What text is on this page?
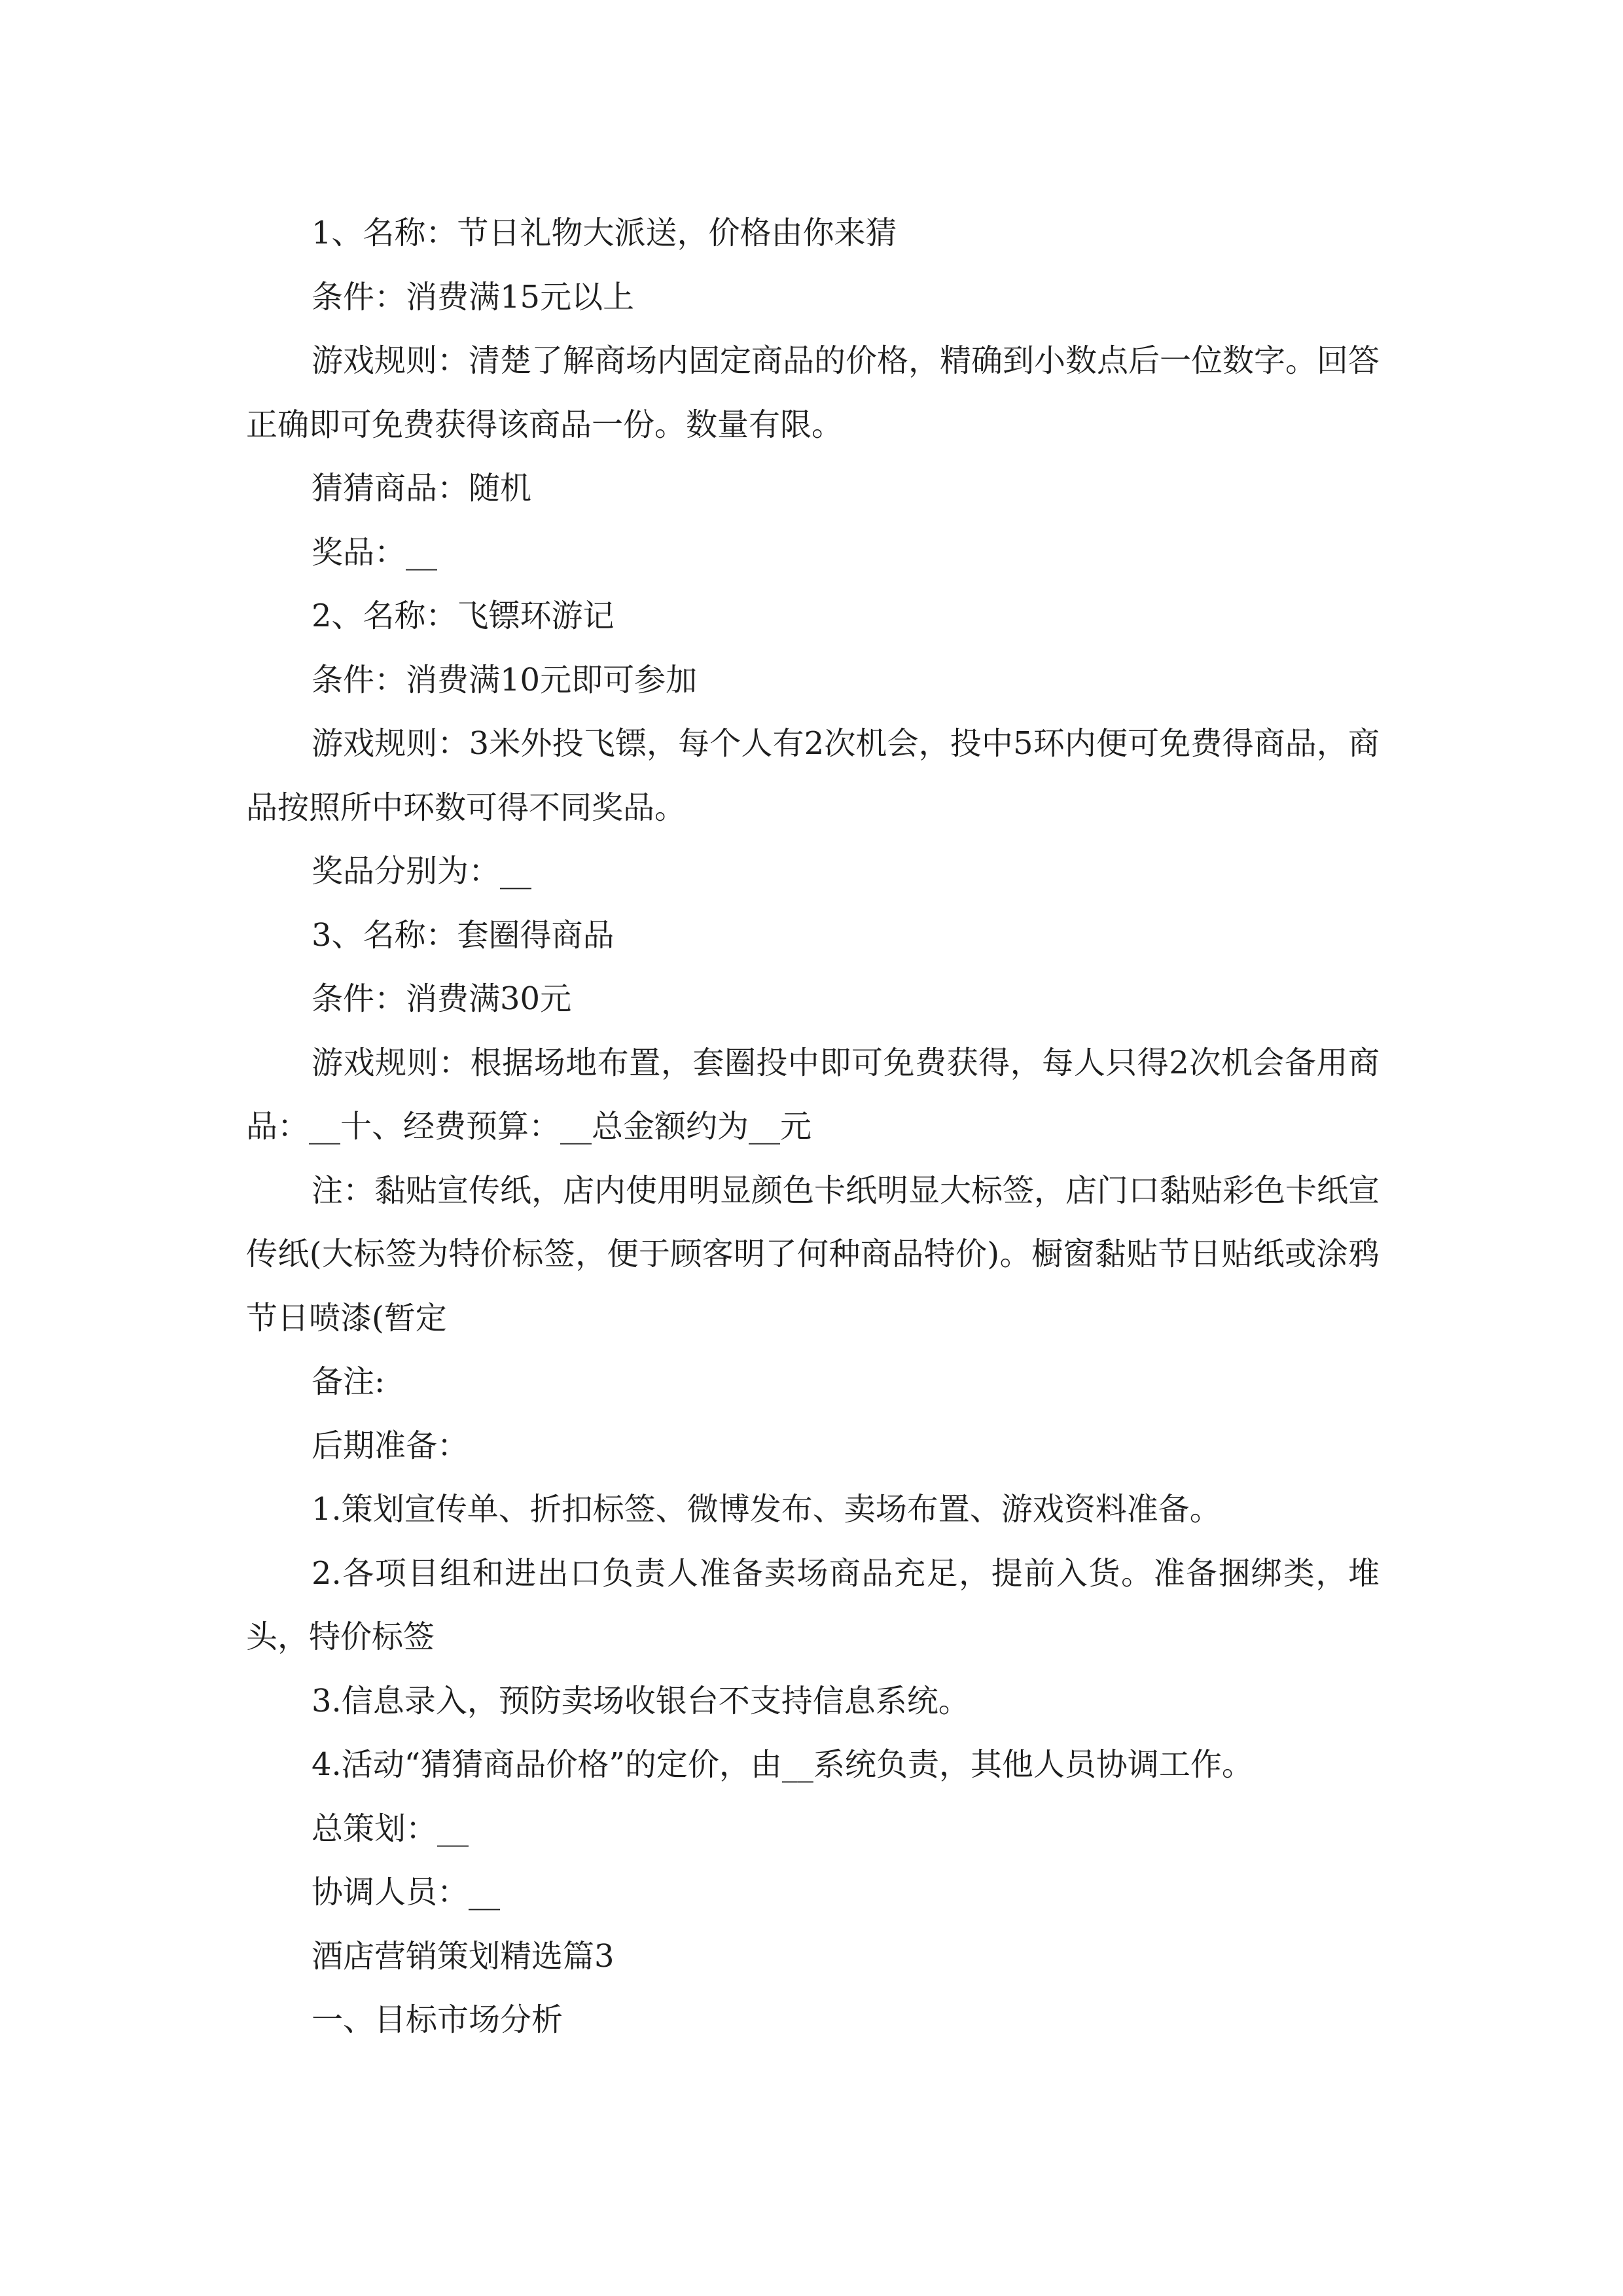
1、名称：节日礼物大派送，价格由你来猜

条件：消费满15元以上

游戏规则：清楚了解商场内固定商品的价格，精确到小数点后一位数字。回答正确即可免费获得该商品一份。数量有限。

猜猜商品：随机

奖品：__

2、名称：飞镖环游记

条件：消费满10元即可参加

游戏规则：3米外投飞镖，每个人有2次机会，投中5环内便可免费得商品，商品按照所中环数可得不同奖品。

奖品分别为：__

3、名称：套圈得商品

条件：消费满30元

游戏规则：根据场地布置，套圈投中即可免费获得，每人只得2次机会备用商品：__十、经费预算：__总金额约为__元

注：黏贴宣传纸，店内使用明显颜色卡纸明显大标签，店门口黏贴彩色卡纸宣传纸(大标签为特价标签，便于顾客明了何种商品特价)。橱窗黏贴节日贴纸或涂鸦节日喷漆(暂定

备注:

后期准备：

1.策划宣传单、折扣标签、微博发布、卖场布置、游戏资料准备。

2.各项目组和进出口负责人准备卖场商品充足，提前入货。准备捆绑类，堆头，特价标签

3.信息录入，预防卖场收银台不支持信息系统。

4.活动“猜猜商品价格”的定价，由__系统负责，其他人员协调工作。

总策划：__

协调人员：__

酒店营销策划精选篇3

一、目标市场分析
